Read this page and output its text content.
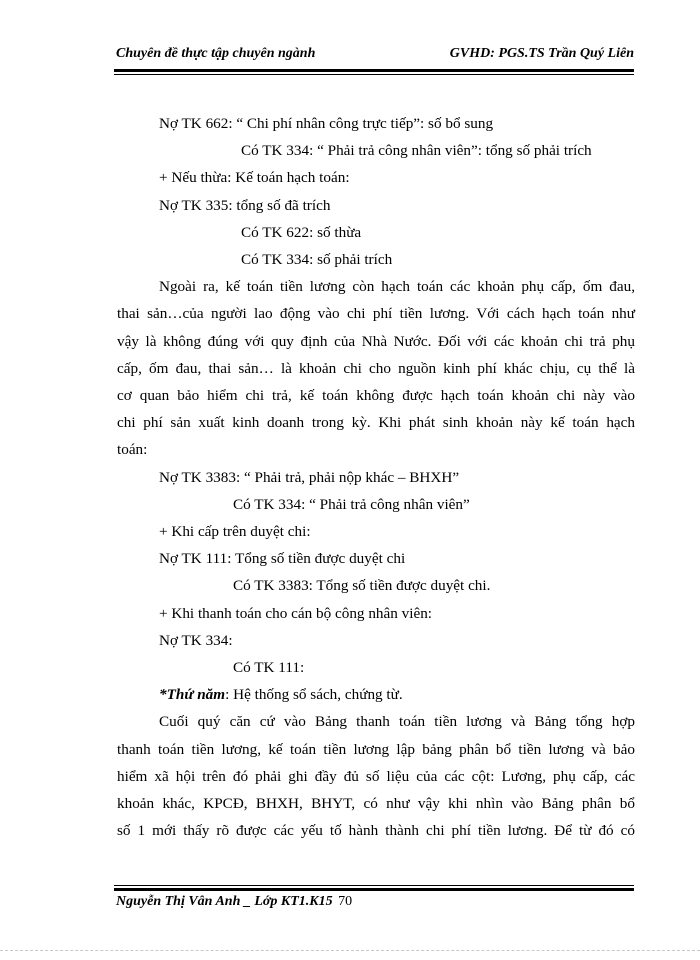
Chuyên đề thực tập chuyên ngành	GVHD: PGS.TS Trần Quý Liên
Nợ TK 662: “ Chi phí nhân công trực tiếp”: số bổ sung
Có TK 334: “ Phải trả công nhân viên”: tổng số phải trích
+ Nếu thừa: Kế toán hạch toán:
Nợ TK 335: tổng số đã trích
Có TK 622: số thừa
Có TK 334: số phải trích
Ngoài ra, kế toán tiền lương còn hạch toán các khoản phụ cấp, ốm đau,
thai sản…của người lao động vào chi phí tiền lương. Với cách hạch toán như
vậy là không đúng với quy định của Nhà Nước. Đối với các khoản chi trả phụ
cấp, ốm đau, thai sản… là khoản chi cho nguồn kinh phí khác chịu, cụ thể là
cơ quan bảo hiểm chi trả, kế toán không được hạch toán khoản chi này vào
chi phí sản xuất kinh doanh trong kỳ. Khi phát sinh khoản này kế toán hạch
toán:
Nợ TK 3383: “ Phải trả, phải nộp khác – BHXH”
Có TK 334: “ Phải trả công nhân viên”
+ Khi cấp trên duyệt chi:
Nợ TK 111: Tổng số tiền được duyệt chi
Có TK 3383: Tổng số tiền được duyệt chi.
+ Khi thanh toán cho cán bộ công nhân viên:
Nợ TK 334:
Có TK 111:
*Thứ năm: Hệ thống sổ sách, chứng từ.
Cuối quý căn cứ vào Bảng thanh toán tiền lương và Bảng tổng hợp
thanh toán tiền lương, kế toán tiền lương lập bảng phân bổ tiền lương và bảo
hiểm xã hội trên đó phải ghi đầy đủ số liệu của các cột: Lương, phụ cấp, các
khoản khác, KPCĐ, BHXH, BHYT, có như vậy khi nhìn vào Bảng phân bổ
số 1 mới thấy rõ được các yếu tố hành thành chi phí tiền lương. Để từ đó có
Nguyễn Thị Vân Anh _ Lớp KT1.K15 70
